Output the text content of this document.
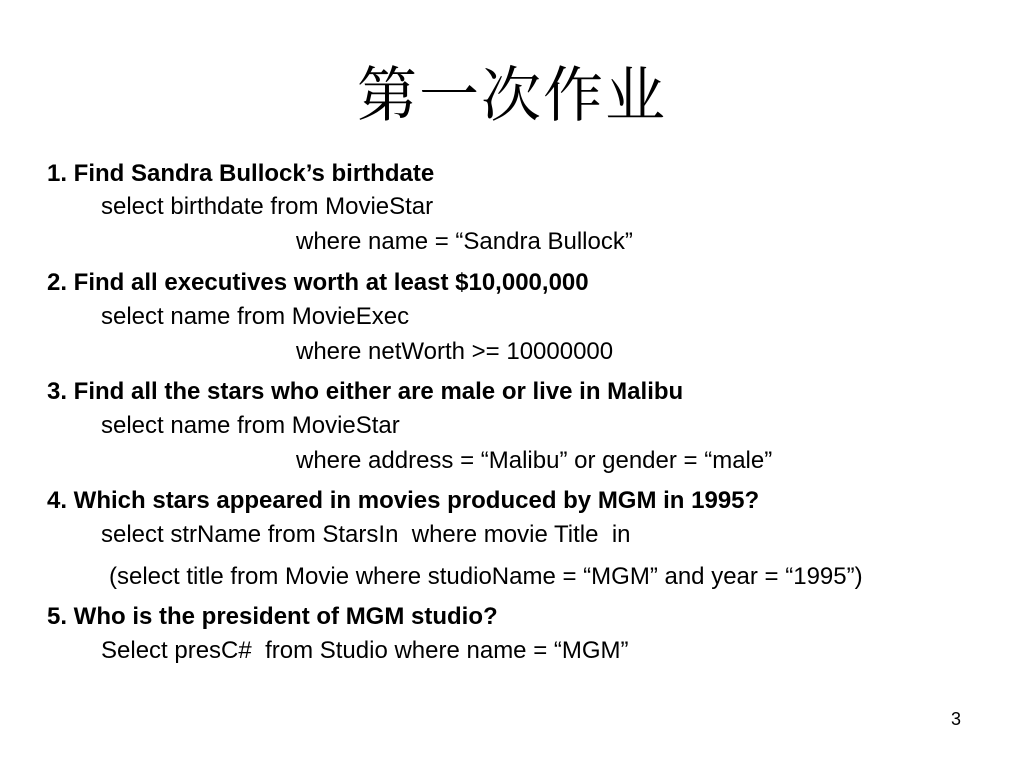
第一次作业
1. Find Sandra Bullock’s birthdate
select birthdate from MovieStar
where name = “Sandra Bullock”
2. Find all executives worth at least $10,000,000
select name from MovieExec
where netWorth >= 10000000
3. Find all the stars who either are male or live in Malibu
select name from MovieStar
where address = “Malibu” or gender = “male”
4. Which stars appeared in movies produced by MGM in 1995?
select strName from StarsIn  where movie Title  in
(select title from Movie where studioName = “MGM” and year = “1995”)
5. Who is the president of MGM studio?
Select presC#  from Studio where name = “MGM”
3
